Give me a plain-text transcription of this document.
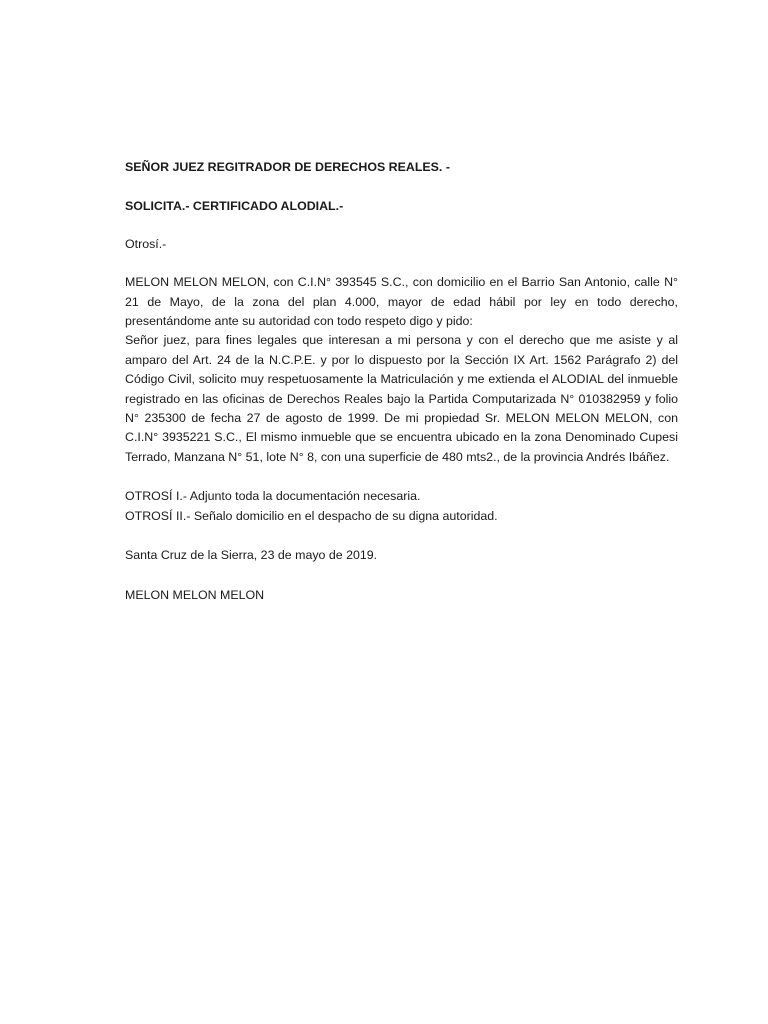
SEÑOR JUEZ REGITRADOR DE DERECHOS REALES. -

SOLICITA.- CERTIFICADO ALODIAL.-

Otrosí.-

MELON MELON MELON, con C.I.N° 393545 S.C., con domicilio en el Barrio San Antonio, calle N° 21 de Mayo, de la zona del plan 4.000, mayor de edad hábil por ley en todo derecho, presentándome ante su autoridad con todo respeto digo y pido:

Señor juez, para fines legales que interesan a mi persona y con el derecho que me asiste y al amparo del Art. 24 de la N.C.P.E. y por lo dispuesto por la Sección IX Art. 1562 Parágrafo 2) del Código Civil, solicito muy respetuosamente la Matriculación y me extienda el ALODIAL del inmueble registrado en las oficinas de Derechos Reales bajo la Partida Computarizada N° 010382959 y folio N° 235300 de fecha 27 de agosto de 1999. De mi propiedad Sr. MELON MELON MELON, con C.I.N° 3935221 S.C., El mismo inmueble que se encuentra ubicado en la zona Denominado Cupesi Terrado, Manzana N° 51, lote N° 8, con una superficie de 480 mts2., de la provincia Andrés Ibáñez.

OTROSÍ I.- Adjunto toda la documentación necesaria.

OTROSÍ II.- Señalo domicilio en el despacho de su digna autoridad.

Santa Cruz de la Sierra, 23 de mayo de 2019.

MELON MELON MELON
